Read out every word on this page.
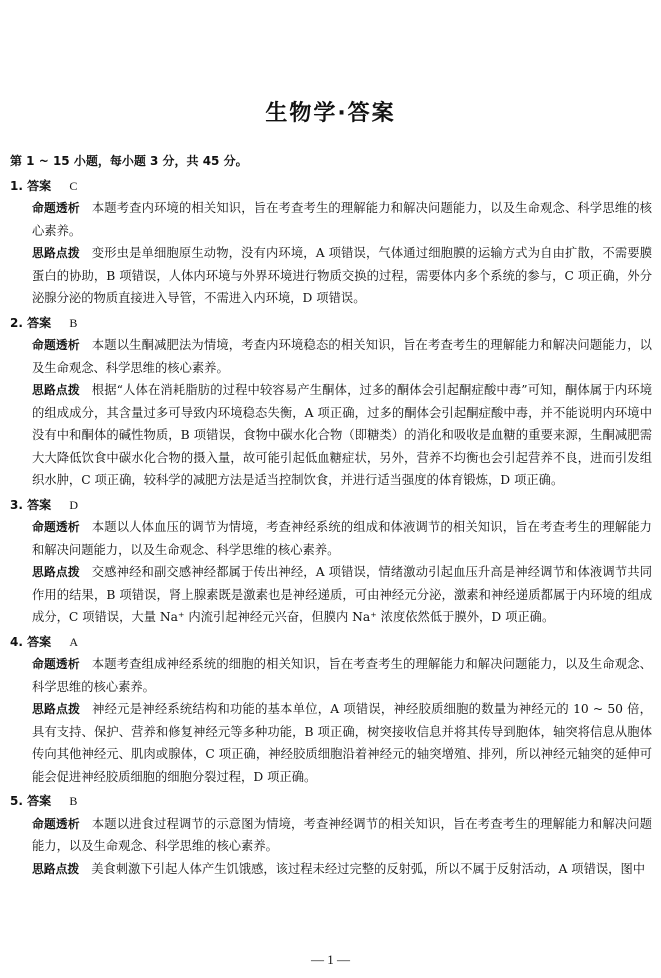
生物学·答案
第 1 ~ 15 小题，每小题 3 分，共 45 分。
1. 答案 C

命题透析 本题考查内环境的相关知识，旨在考查考生的理解能力和解决问题能力，以及生命观念、科学思维的核心素养。

思路点拨 变形虫是单细胞原生动物，没有内环境，A 项错误，气体通过细胞膜的运输方式为自由扩散，不需要膜蛋白的协助，B 项错误，人体内环境与外界环境进行物质交换的过程，需要体内多个系统的参与，C 项正确，外分泌腺分泌的物质直接进入导管，不需进入内环境，D 项错误。

2. 答案 B

命题透析 本题以生酮减肥法为情境，考查内环境稳态的相关知识，旨在考查考生的理解能力和解决问题能力，以及生命观念、科学思维的核心素养。

思路点拨 根据“人体在消耗脂肪的过程中较容易产生酮体，过多的酮体会引起酮症酸中毒”可知，酮体属于内环境的组成成分，其含量过多可导致内环境稳态失衡，A 项正确，过多的酮体会引起酮症酸中毒，并不能说明内环境中没有中和酮体的碱性物质，B 项错误，食物中碳水化合物（即糖类）的消化和吸收是血糖的重要来源，生酮减肥需大大降低饮食中碳水化合物的摄入量，故可能引起低血糖症状，另外，营养不均衡也会引起营养不良，进而引发组织水肿，C 项正确，较科学的减肥方法是适当控制饮食，并进行适当强度的体育锻炼，D 项正确。

3. 答案 D

命题透析 本题以人体血压的调节为情境，考查神经系统的组成和体液调节的相关知识，旨在考查考生的理解能力和解决问题能力，以及生命观念、科学思维的核心素养。

思路点拨 交感神经和副交感神经都属于传出神经，A 项错误，情绪激动引起血压升高是神经调节和体液调节共同作用的结果，B 项错误，肾上腺素既是激素也是神经递质，可由神经元分泌，激素和神经递质都属于内环境的组成成分，C 项错误，大量 Na⁺ 内流引起神经元兴奋，但膜内 Na⁺ 浓度依然低于膜外，D 项正确。

4. 答案 A

命题透析 本题考查组成神经系统的细胞的相关知识，旨在考查考生的理解能力和解决问题能力，以及生命观念、科学思维的核心素养。

思路点拨 神经元是神经系统结构和功能的基本单位，A 项错误，神经胶质细胞的数量为神经元的 10 ~ 50 倍，具有支持、保护、营养和修复神经元等多种功能，B 项正确，树突接收信息并将其传导到胞体，轴突将信息从胞体传向其他神经元、肌肉或腺体，C 项正确，神经胶质细胞沿着神经元的轴突增殖、排列，所以神经元轴突的延伸可能会促进神经胶质细胞的细胞分裂过程，D 项正确。

5. 答案 B

命题透析 本题以进食过程调节的示意图为情境，考查神经调节的相关知识，旨在考查考生的理解能力和解决问题能力，以及生命观念、科学思维的核心素养。

思路点拨 美食刺激下引起人体产生饥饿感，该过程未经过完整的反射弧，所以不属于反射活动，A 项错误，图中

— 1 —
